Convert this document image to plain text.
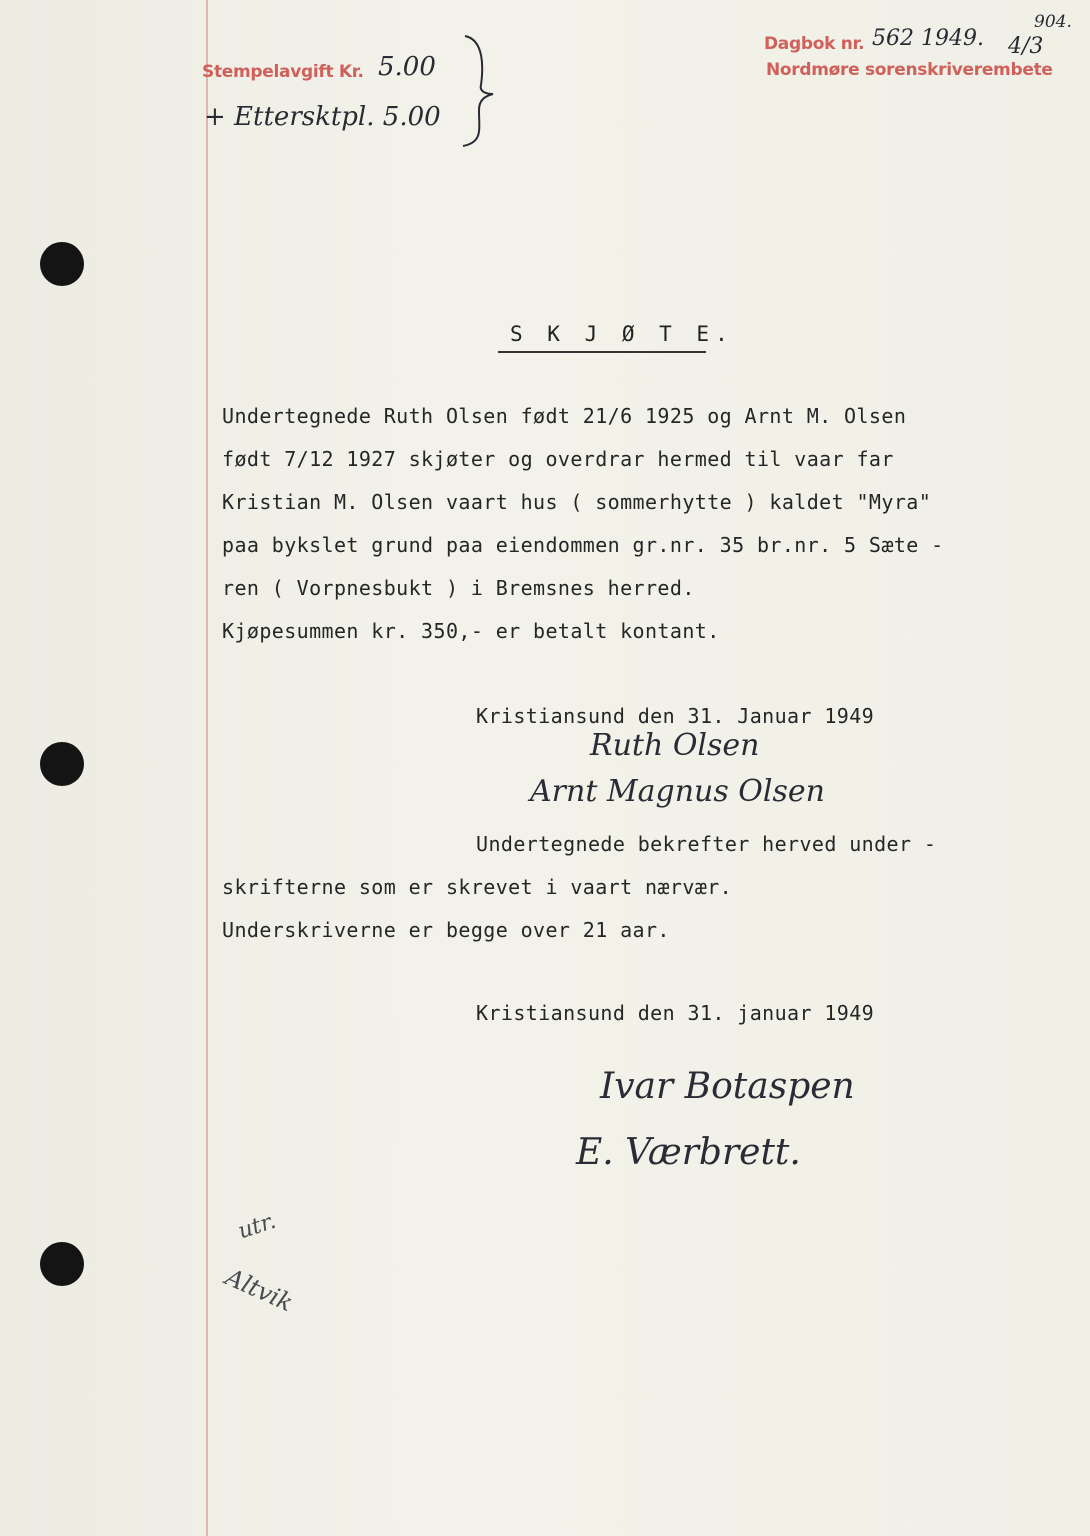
Stempelavgift Kr. 5.00
+ Ettersktpl. 5.00
Dagbok nr. 562 1949. 4/3
904.
Nordmøre sorenskriverembete
S K J Ø T E.
Undertegnede Ruth Olsen født 21/6 1925 og Arnt M. Olsen
født 7/12 1927 skjøter og overdrar hermed til vaar far
Kristian M. Olsen vaart hus ( sommerhytte ) kaldet "Myra"
paa bykslet grund paa eiendommen gr.nr. 35 br.nr. 5 Sæte -
ren ( Vorpnesbukt ) i Bremsnes herred.
Kjøpesummen kr. 350,- er betalt kontant.
Kristiansund den 31. Januar 1949
Ruth Olsen
Arnt Magnus Olsen
Undertegnede bekrefter herved under -
skrifterne som er skrevet i vaart nærvær.
Underskriverne er begge over 21 aar.
Kristiansund den 31. januar 1949
Ivar Botaspen
E. Værbrett.
utr.
Altvik
